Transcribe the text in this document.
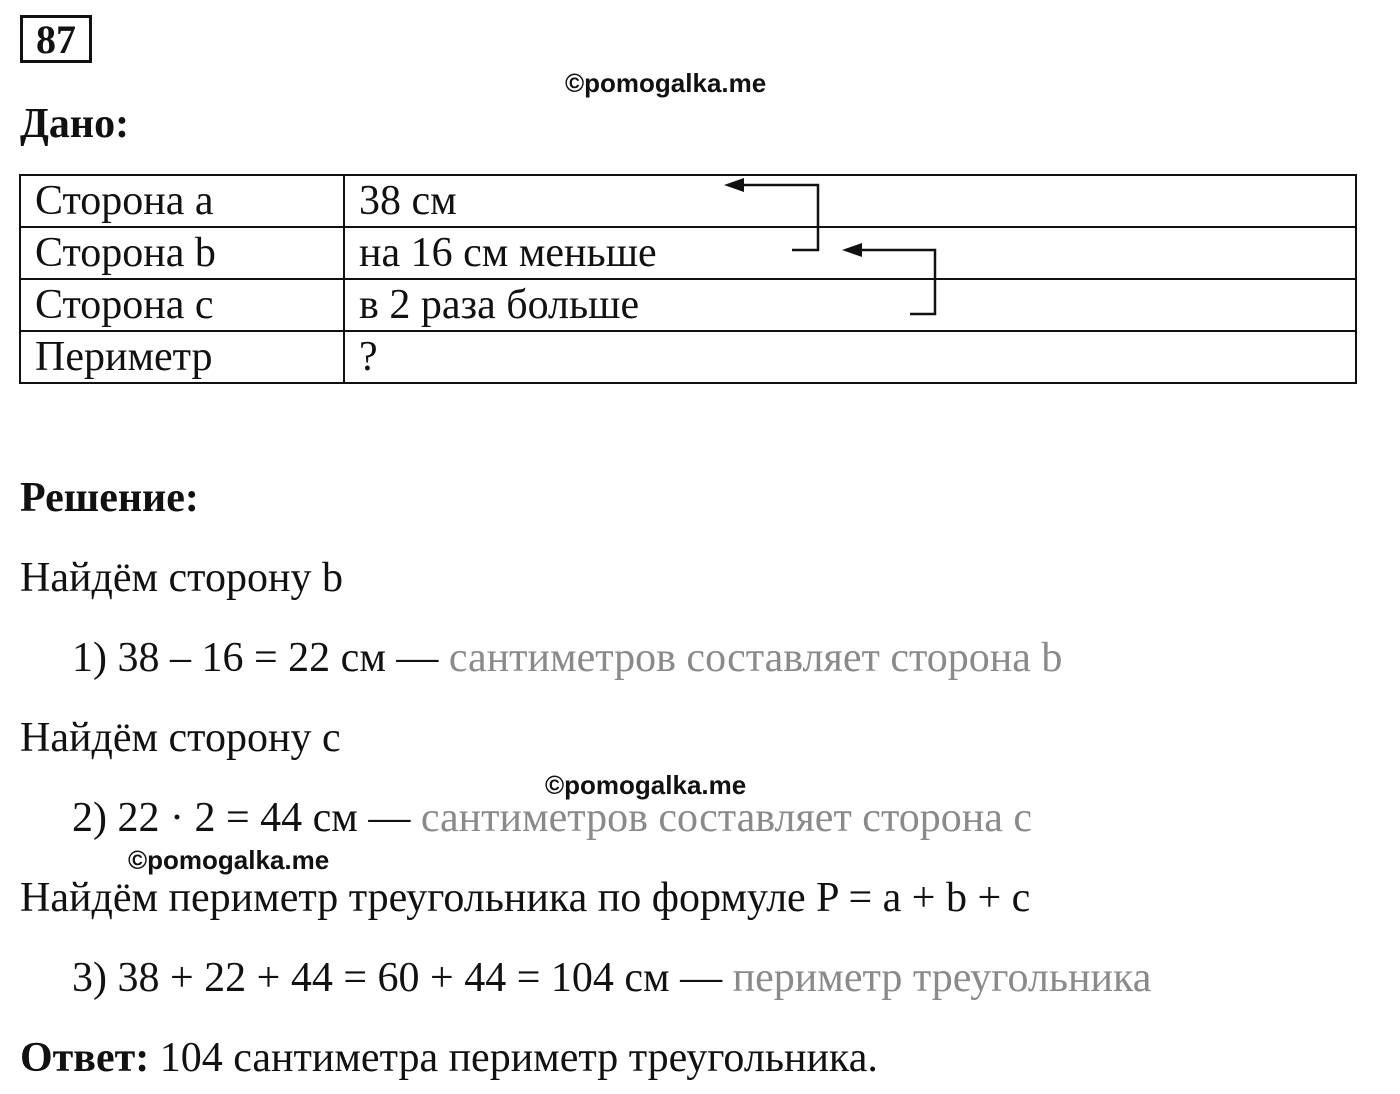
87
©pomogalka.me
Дано:
Сторона a	38 см
Сторона b	на 16 см меньше
Сторона c	в 2 раза больше
Периметр	?
Решение:
Найдём сторону b
1) 38 – 16 = 22 см — сантиметров составляет сторона b
Найдём сторону c
©pomogalka.me
2) 22 · 2 = 44 см — сантиметров составляет сторона c
©pomogalka.me
Найдём периметр треугольника по формуле P = a + b + c
3) 38 + 22 + 44 = 60 + 44 = 104 см — периметр треугольника
Ответ: 104 сантиметра периметр треугольника.
